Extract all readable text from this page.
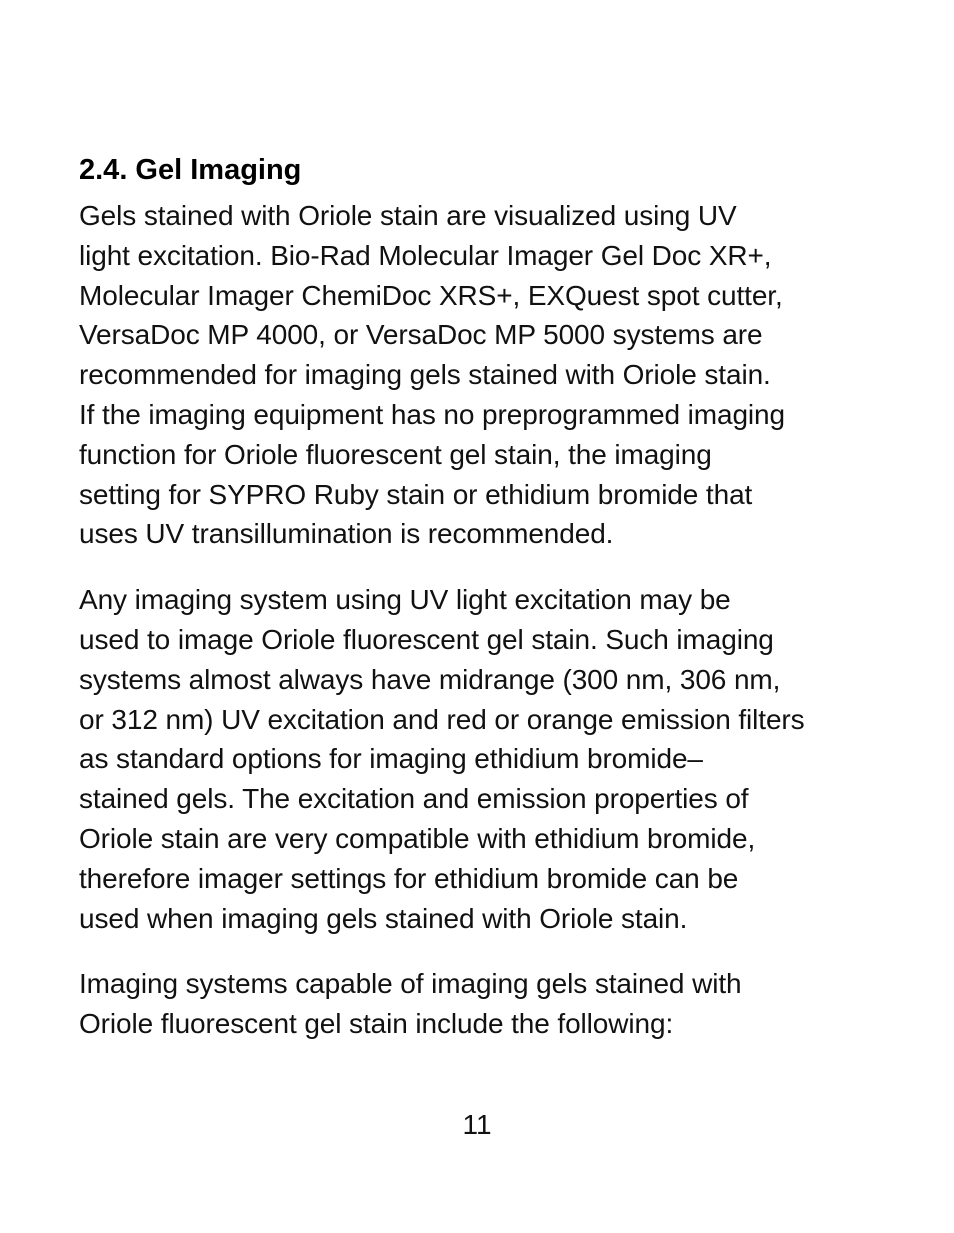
2.4. Gel Imaging

Gels stained with Oriole stain are visualized using UV
light excitation. Bio-Rad Molecular Imager Gel Doc XR+,
Molecular Imager ChemiDoc XRS+, EXQuest spot cutter,
VersaDoc MP 4000, or VersaDoc MP 5000 systems are
recommended for imaging gels stained with Oriole stain.
If the imaging equipment has no preprogrammed imaging
function for Oriole fluorescent gel stain, the imaging
setting for SYPRO Ruby stain or ethidium bromide that
uses UV transillumination is recommended.

Any imaging system using UV light excitation may be
used to image Oriole fluorescent gel stain. Such imaging
systems almost always have midrange (300 nm, 306 nm,
or 312 nm) UV excitation and red or orange emission filters
as standard options for imaging ethidium bromide–
stained gels. The excitation and emission properties of
Oriole stain are very compatible with ethidium bromide,
therefore imager settings for ethidium bromide can be
used when imaging gels stained with Oriole stain.

Imaging systems capable of imaging gels stained with
Oriole fluorescent gel stain include the following:

11
